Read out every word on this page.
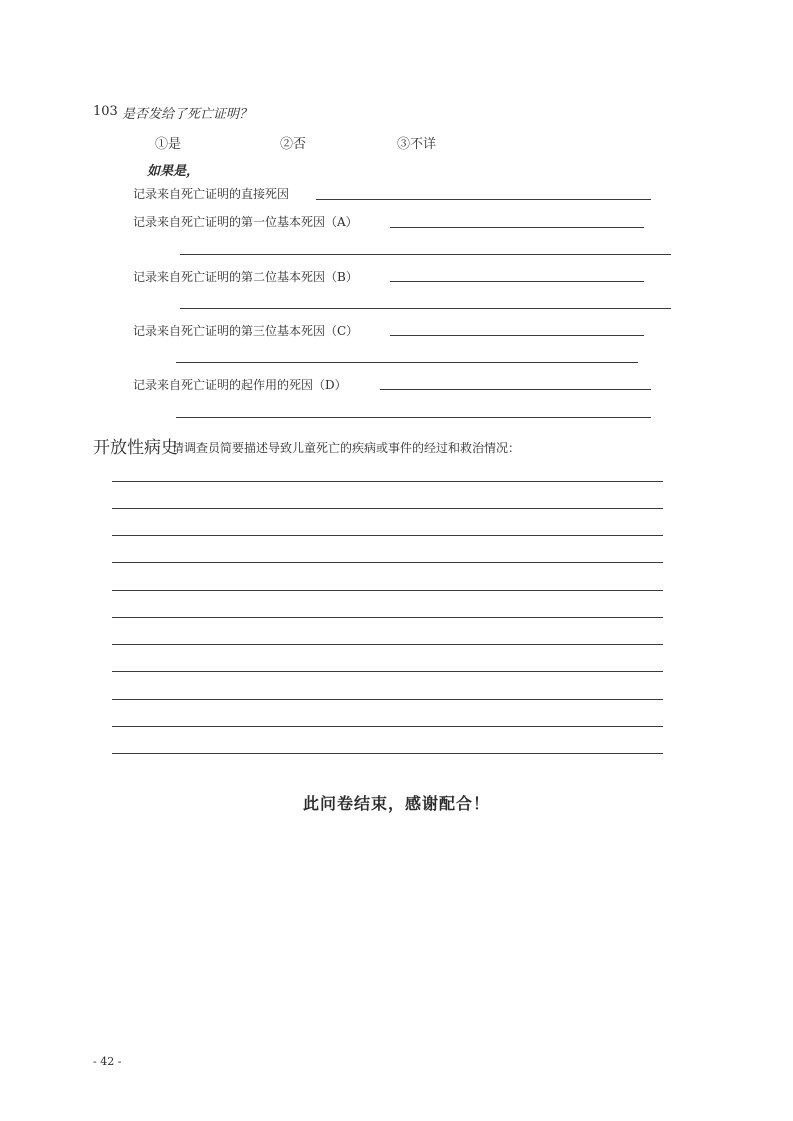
103 是否发给了死亡证明？
①是	②否	③不详
如果是，
记录来自死亡证明的直接死因
记录来自死亡证明的第一位基本死因（A）
记录来自死亡证明的第二位基本死因（B）
记录来自死亡证明的第三位基本死因（C）
记录来自死亡证明的起作用的死因（D）
开放性病史
请调查员简要描述导致儿童死亡的疾病或事件的经过和救治情况：
此问卷结束，感谢配合！
- 42 -
